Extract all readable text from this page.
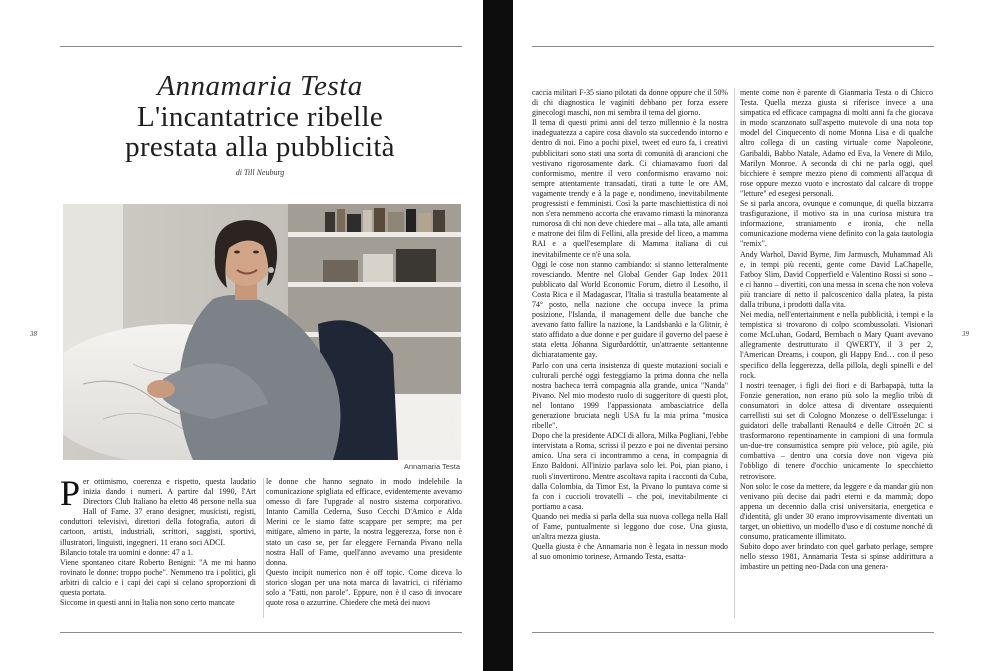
Annamaria Testa
L'incantatrice ribelle
prestata alla pubblicità
di Till Neuburg
Foto Sandro Lay
Annamaria Testa

Per ottimismo, coerenza e rispetto, questa laudatio inizia dando i numeri. A partire dal 1990, l'Art Directors Club Italiano ha eletto 48 persone nella sua Hall of Fame. 37 erano designer, musicisti, registi, conduttori televisivi, direttori della fotografia, autori di cartoon, artisti, industriali, scrittori, saggisti, sportivi, illustratori, linguisti, ingegneri. 11 erano soci ADCI.

Bilancio totale tra uomini e donne: 47 a 1.

Viene spontaneo citare Roberto Benigni: "A me mi hanno rovinato le donne: troppo poche". Nemmeno tra i politici, gli arbitri di calcio e i capi dei capi si celano sproporzioni di questa portata.

Siccome in questi anni in Italia non sono certo mancate

le donne che hanno segnato in modo indelebile la comunicazione spigliata ed efficace, evidentemente avevamo omesso di fare l'upgrade al nostro sistema corporativo. Intanto Camilla Cederna, Suso Cecchi D'Amico e Alda Merini ce le siamo fatte scappare per sempre; ma per mitigare, almeno in parte, la nostra leggerezza, forse non è stato un caso se, per far eleggere Fernanda Pivano nella nostra Hall of Fame, quell'anno avevamo una presidente donna.

Questo incipit numerico non è off topic. Come diceva lo storico slogan per una nota marca di lavatrici, ci rifériamo solo a "Fatti, non parole". Eppure, non è il caso di invocare quote rosa o azzurrine. Chiedere che metà dei nuovi

38

caccia militari F-35 siano pilotati da donne oppure che il 50% di chi diagnostica le vaginiti debbano per forza essere ginecologi maschi, non mi sembra il tema del giorno.

Il tema di questi primi anni del terzo millennio è la nostra inadeguatezza a capire cosa diavolo sta succedendo intorno e dentro di noi. Fino a pochi pixel, tweet ed euro fa, i creativi pubblicitari sono stati una sorta di comunità di arancioni che vestivano rigorosamente dark. Ci chiamavamo fuori dal conformismo, mentre il vero conformismo eravamo noi: sempre attentamente transadati, tirati a tutte le ore AM, vagamente trendy e à la page e, nondimeno, inevitabilmente progressisti e femministi. Così la parte maschiettistica di noi non s'era nemmeno accorta che eravamo rimasti la minoranza rumorosa di chi non deve chiedere mai – alla tata, alle amanti e matrone dei film di Fellini, alla preside del liceo, a mamma RAI e a quell'esemplare di Mamma italiana di cui inevitabilmente ce n'è una sola.

Oggi le cose non stanno cambiando: si stanno letteralmente rovesciando. Mentre nel Global Gender Gap Index 2011 pubblicato dal World Economic Forum, dietro il Lesotho, il Costa Rica e il Madagascar, l'Italia si trastulla beatamente al 74° posto, nella nazione che occupa invece la prima posizione, l'Islanda, il management delle due banche che avevano fatto fallire la nazione, la Landsbanki e la Glitnir, è stato affidato a due donne e per guidare il governo del paese è stata eletta Jóhanna Sigurðardóttir, un'attraente settantenne dichiaratamente gay.

Parlo con una certa insistenza di queste mutazioni sociali e culturali perché oggi festeggiamo la prima donna che nella nostra bacheca terrà compagnia alla grande, unica "Nanda" Pivano. Nel mio modesto ruolo di suggeritore di questi plot, nel lontano 1999 l'appassionata ambasciatrice della generazione bruciata negli USA fu la mia prima "musica ribelle".

Dopo che la presidente ADCI di allora, Milka Pogliani, l'ebbe intervistata a Roma, scrissi il pezzo e poi ne diventai persino amico. Una sera ci incontrammo a cena, in compagnia di Enzo Baldoni. All'inizio parlava solo lei. Poi, pian piano, i ruoli s'invertirono. Mentre ascoltava rapita i racconti da Cuba, dalla Colombia, da Timor Est, la Pivano lo puntava come si fa con i cuccioli trovatelli – che poi, inevitabilmente ci portiamo a casa.

Quando nei media si parla della sua nuova collega nella Hall of Fame, puntualmente si leggono due cose. Una giusta, un'altra mezza giusta.

Quella giusta è che Annamaria non è legata in nessun modo al suo omonimo torinese, Armando Testa, esatta-

mente come non è parente di Gianmaria Testa o di Chicco Testa. Quella mezza giusta si riferisce invece a una simpatica ed efficace campagna di molti anni fa che giocava in modo scanzonato sull'aspetto mutevole di una nota top model del Cinquecento di nome Monna Lisa e di qualche altro collega di un casting virtuale come Napoleone, Garibaldi, Babbo Natale, Adamo ed Eva, la Venere di Milo, Marilyn Monroe. A seconda di chi ne parla oggi, quel bicchiere è sempre mezzo pieno di commenti all'acqua di rose oppure mezzo vuoto e incrostato dal calcare di troppe "letture" ed esegesi personali.

Se si parla ancora, ovunque e comunque, di quella bizzarra trasfigurazione, il motivo sta in una curiosa mistura tra informazione, straniamento e ironia, che nella comunicazione moderna viene definito con la gaia tautologia "remix".

Andy Warhol, David Byrne, Jim Jarmusch, Muhammad Ali e, in tempi più recenti, gente come David LaChapelle, Fatboy Slim, David Copperfield e Valentino Rossi si sono – e ci hanno – divertiti, con una messa in scena che non voleva più tranciare di netto il palcoscenico dalla platea, la pista dalla tribuna, i prodotti dalla vita.

Nei media, nell'entertainment e nella pubblicità, i tempi e la tempistica si trovarono di colpo scombussolati. Visionari come McLuhan, Godard, Bernbach o Mary Quant avevano allegramente destrutturato il QWERTY, il 3 per 2, l'American Dreams, i coupon, gli Happy End… con il peso specifico della leggerezza, della pillola, degli spinelli e del rock.

I nostri teenager, i figli dei fiori e di Barbapapà, tutta la Fonzie generation, non erano più solo la meglio tribù di consumatori in dolce attesa di diventare ossequienti carrellisti sui set di Cologno Monzese o dell'Esselunga: i guidatori delle traballanti Renault4 e delle Citroën 2C si trasformarono repentinamente in campioni di una formula un-due-tre consumistica sempre più veloce, più agile, più combattiva – dentro una corsia dove non vigeva più l'obbligo di tenere d'occhio unicamente lo specchietto retrovisore.

Non solo: le cose da mettere, da leggere e da mandar giù non venivano più decise dai padri eterni e da mammà; dopo appena un decennio dalla crisi universitaria, energetica e d'identità, gli under 30 erano improvvisamente diventati un target, un obiettivo, un modello d'uso e di costume nonché di consumo, praticamente illimitato.

Subito dopo aver brindato con quel garbato perlage, sempre nello stesso 1981, Annamaria Testa si spinse addirittura a imbastire un petting neo-Dada con una genera-

39
